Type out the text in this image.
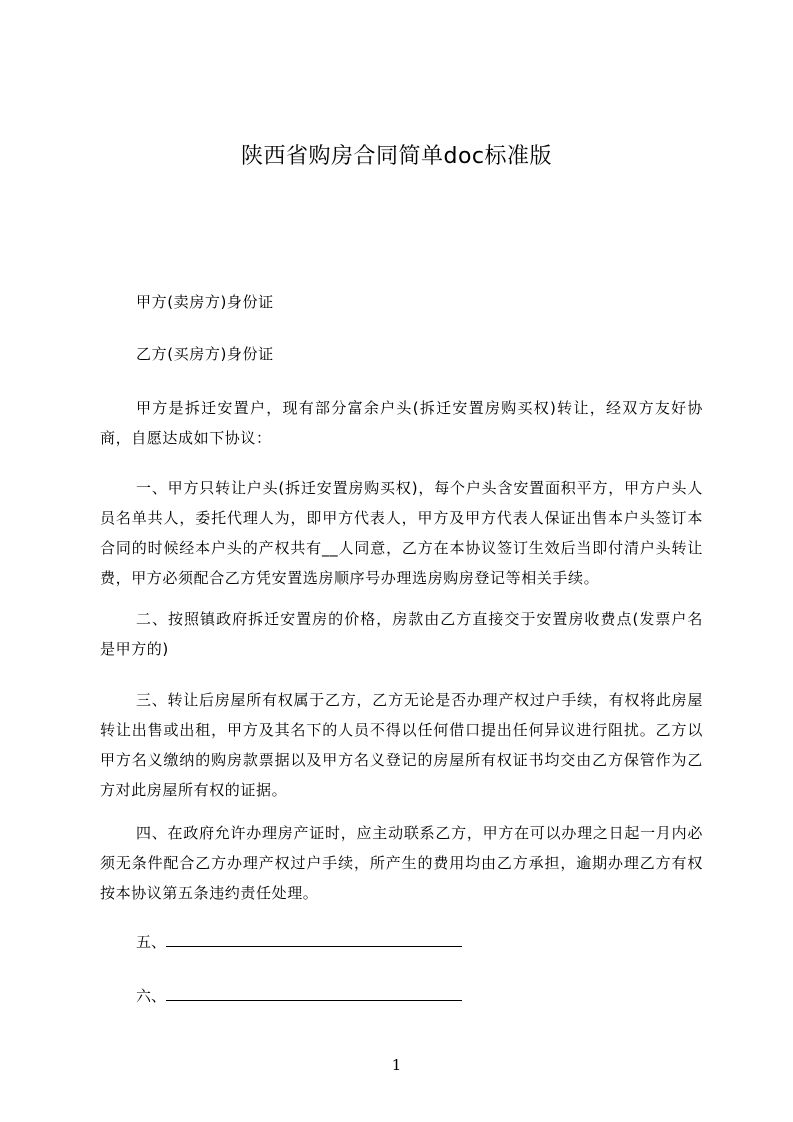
陕西省购房合同简单doc标准版
甲方(卖房方)身份证
乙方(买房方)身份证
甲方是拆迁安置户，现有部分富余户头(拆迁安置房购买权)转让，经双方友好协商，自愿达成如下协议：
一、甲方只转让户头(拆迁安置房购买权)，每个户头含安置面积平方，甲方户头人员名单共人，委托代理人为，即甲方代表人，甲方及甲方代表人保证出售本户头签订本合同的时候经本户头的产权共有__人同意，乙方在本协议签订生效后当即付清户头转让费，甲方必须配合乙方凭安置选房顺序号办理选房购房登记等相关手续。
二、按照镇政府拆迁安置房的价格，房款由乙方直接交于安置房收费点(发票户名是甲方的)
三、转让后房屋所有权属于乙方，乙方无论是否办理产权过户手续，有权将此房屋转让出售或出租，甲方及其名下的人员不得以任何借口提出任何异议进行阻扰。乙方以甲方名义缴纳的购房款票据以及甲方名义登记的房屋所有权证书均交由乙方保管作为乙方对此房屋所有权的证据。
四、在政府允许办理房产证时，应主动联系乙方，甲方在可以办理之日起一月内必须无条件配合乙方办理产权过户手续，所产生的费用均由乙方承担，逾期办理乙方有权按本协议第五条违约责任处理。
五、
六、
1
